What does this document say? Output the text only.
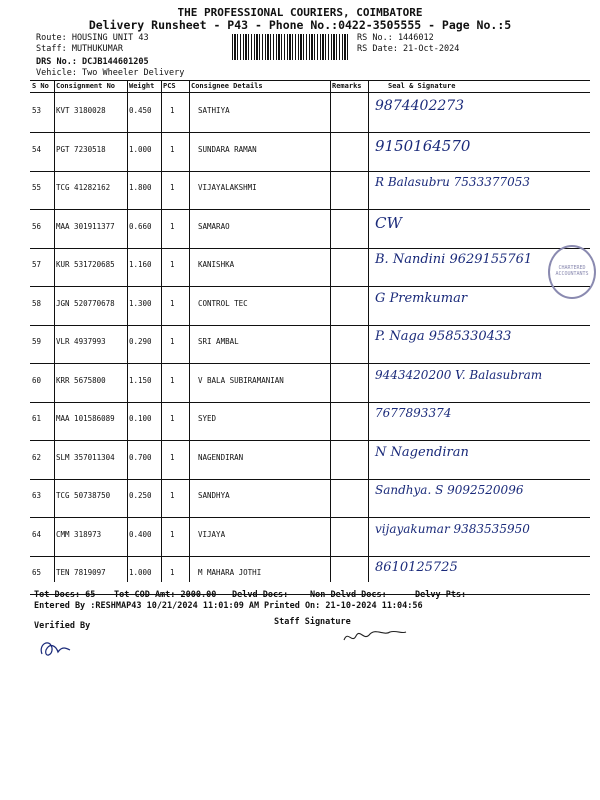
THE PROFESSIONAL COURIERS, COIMBATORE
Delivery Runsheet - P43 - Phone No.:0422-3505555 - Page No.:5
Route: HOUSING UNIT 43
Staff: MUTHUKUMAR
DRS No.: DCJB144601205
Vehicle: Two Wheeler Delivery
RS No.: 1446012
RS Date: 21-Oct-2024
S No Consignment No Weight PCS Consignee Details	Remarks	Seal & Signature
53 KVT 3180028	0.450 1	SATHIYA	9874402273
54 PGT 7230518	1.000 1	SUNDARA RAMAN	9150164570
55 TCG 41282162	1.800 1	VIJAYALAKSHMI	R Balasubru 7533377053
56 MAA 301911377 0.660 1	SAMARAO	CW
57 KUR 531720685 1.160 1	KANISHKA	B. Nandini 9629155761
58 JGN 520770678 1.300 1	CONTROL TEC	G Premkumar
59 VLR 4937993	0.290 1	SRI AMBAL	P. Naga 9585330433
60 KRR 5675800	1.150 1	V BALA SUBIRAMANIAN	9443420200 V. Balasubram
61 MAA 101586089 0.100 1	SYED	7677893374
62 SLM 357011304 0.700 1	NAGENDIRAN	N Nagendiran
63 TCG 50738750	0.250 1	SANDHYA	Sandhya. S 9092520096
64 CMM 318973	0.400 1	VIJAYA	vijayakumar 9383535950
65 TEN 7819097	1.000 1	M MAHARA JOTHI	8610125725
CHARTERED ACCOUNTANTS
Tot Docs: 65 Tot COD Amt: 2000.00 Delvd Docs:	Non Delvd Docs:	Delvy Pts:
Entered By :RESHMAP43 10/21/2024 11:01:09 AM Printed On: 21-10-2024 11:04:56
Verified By	Staff Signature
